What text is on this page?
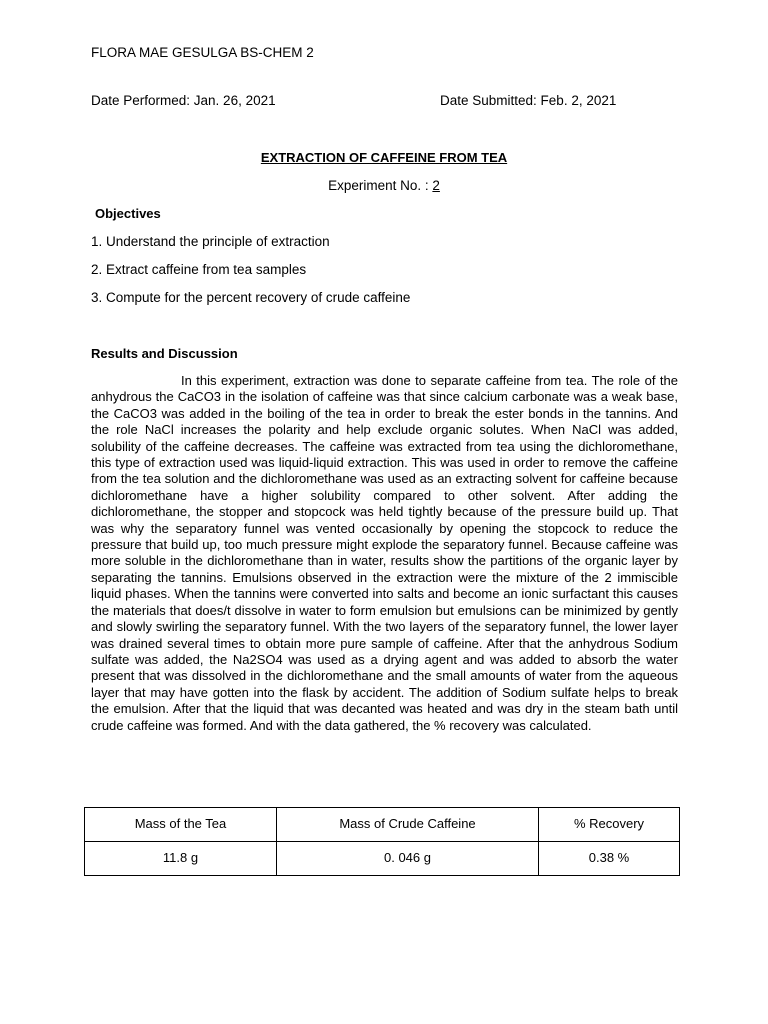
FLORA MAE GESULGA BS-CHEM 2
Date Performed: Jan. 26, 2021	Date Submitted: Feb. 2, 2021
EXTRACTION OF CAFFEINE FROM TEA
Experiment No. : 2
Objectives
1. Understand the principle of extraction
2. Extract caffeine from tea samples
3. Compute for the percent recovery of crude caffeine
Results and Discussion

In this experiment, extraction was done to separate caffeine from tea. The role of the anhydrous the CaCO3 in the isolation of caffeine was that since calcium carbonate was a weak base, the CaCO3 was added in the boiling of the tea in order to break the ester bonds in the tannins. And the role NaCl increases the polarity and help exclude organic solutes. When NaCl was added, solubility of the caffeine decreases. The caffeine was extracted from tea using the dichloromethane, this type of extraction used was liquid-liquid extraction. This was used in order to remove the caffeine from the tea solution and the dichloromethane was used as an extracting solvent for caffeine because dichloromethane have a higher solubility compared to other solvent. After adding the dichloromethane, the stopper and stopcock was held tightly because of the pressure build up. That was why the separatory funnel was vented occasionally by opening the stopcock to reduce the pressure that build up, too much pressure might explode the separatory funnel. Because caffeine was more soluble in the dichloromethane than in water, results show the partitions of the organic layer by separating the tannins. Emulsions observed in the extraction were the mixture of the 2 immiscible liquid phases. When the tannins were converted into salts and become an ionic surfactant this causes the materials that does/t dissolve in water to form emulsion but emulsions can be minimized by gently and slowly swirling the separatory funnel. With the two layers of the separatory funnel, the lower layer was drained several times to obtain more pure sample of caffeine. After that the anhydrous Sodium sulfate was added, the Na2SO4 was used as a drying agent and was added to absorb the water present that was dissolved in the dichloromethane and the small amounts of water from the aqueous layer that may have gotten into the flask by accident. The addition of Sodium sulfate helps to break the emulsion. After that the liquid that was decanted was heated and was dry in the steam bath until crude caffeine was formed. And with the data gathered, the % recovery was calculated.

Mass of the Tea	Mass of Crude Caffeine	% Recovery
11.8 g	0. 046 g	0.38 %
